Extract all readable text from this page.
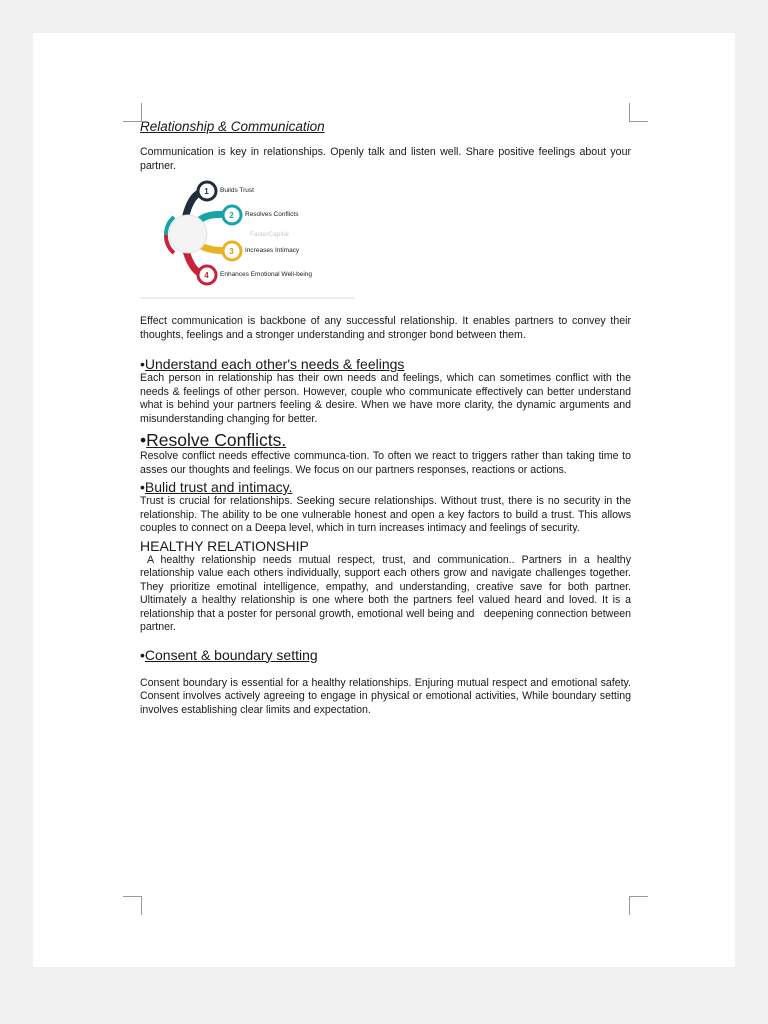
Relationship & Communication

Communication is key in relationships. Openly talk and listen well. Share positive feelings about your partner.

1
2
3
4
Builds Trust
Resolves Conflicts
FasterCapital
Increases Intimacy
Enhances Emotional Well-being

Effect communication is backbone of any successful relationship. It enables partners to convey their thoughts, feelings and a stronger understanding and stronger bond between them.

•Understand each other's needs & feelings

Each person in relationship has their own needs and feelings, which can sometimes conflict with the needs & feelings of other person. However, couple who communicate effectively can better understand what is behind your partners feeling & desire. When we have more clarity, the dynamic arguments and misunderstanding changing for better.

•Resolve Conflicts.

Resolve conflict needs effective communca-tion. To often we react to triggers rather than taking time to asses our thoughts and feelings. We focus on our partners responses, reactions or actions.

•Bulid trust and intimacy.

Trust is crucial for relationships. Seeking secure relationships. Without trust, there is no security in the relationship. The ability to be one vulnerable honest and open a key factors to build a trust. This allows couples to connect on a Deepa level, which in turn increases intimacy and feelings of security.

HEALTHY RELATIONSHIP

A healthy relationship needs mutual respect, trust, and communication.. Partners in a healthy relationship value each others individually, support each others grow and navigate challenges together. They prioritize emotinal intelligence, empathy, and understanding, creative save for both partner. Ultimately a healthy relationship is one where both the partners feel valued heard and loved. It is a relationship that a poster for personal growth, emotional well being and   deepening connection between partner.

•Consent & boundary setting

Consent boundary is essential for a healthy relationships. Enjuring mutual respect and emotional safety. Consent involves actively agreeing to engage in physical or emotional activities, While boundary setting involves establishing clear limits and expectation.
